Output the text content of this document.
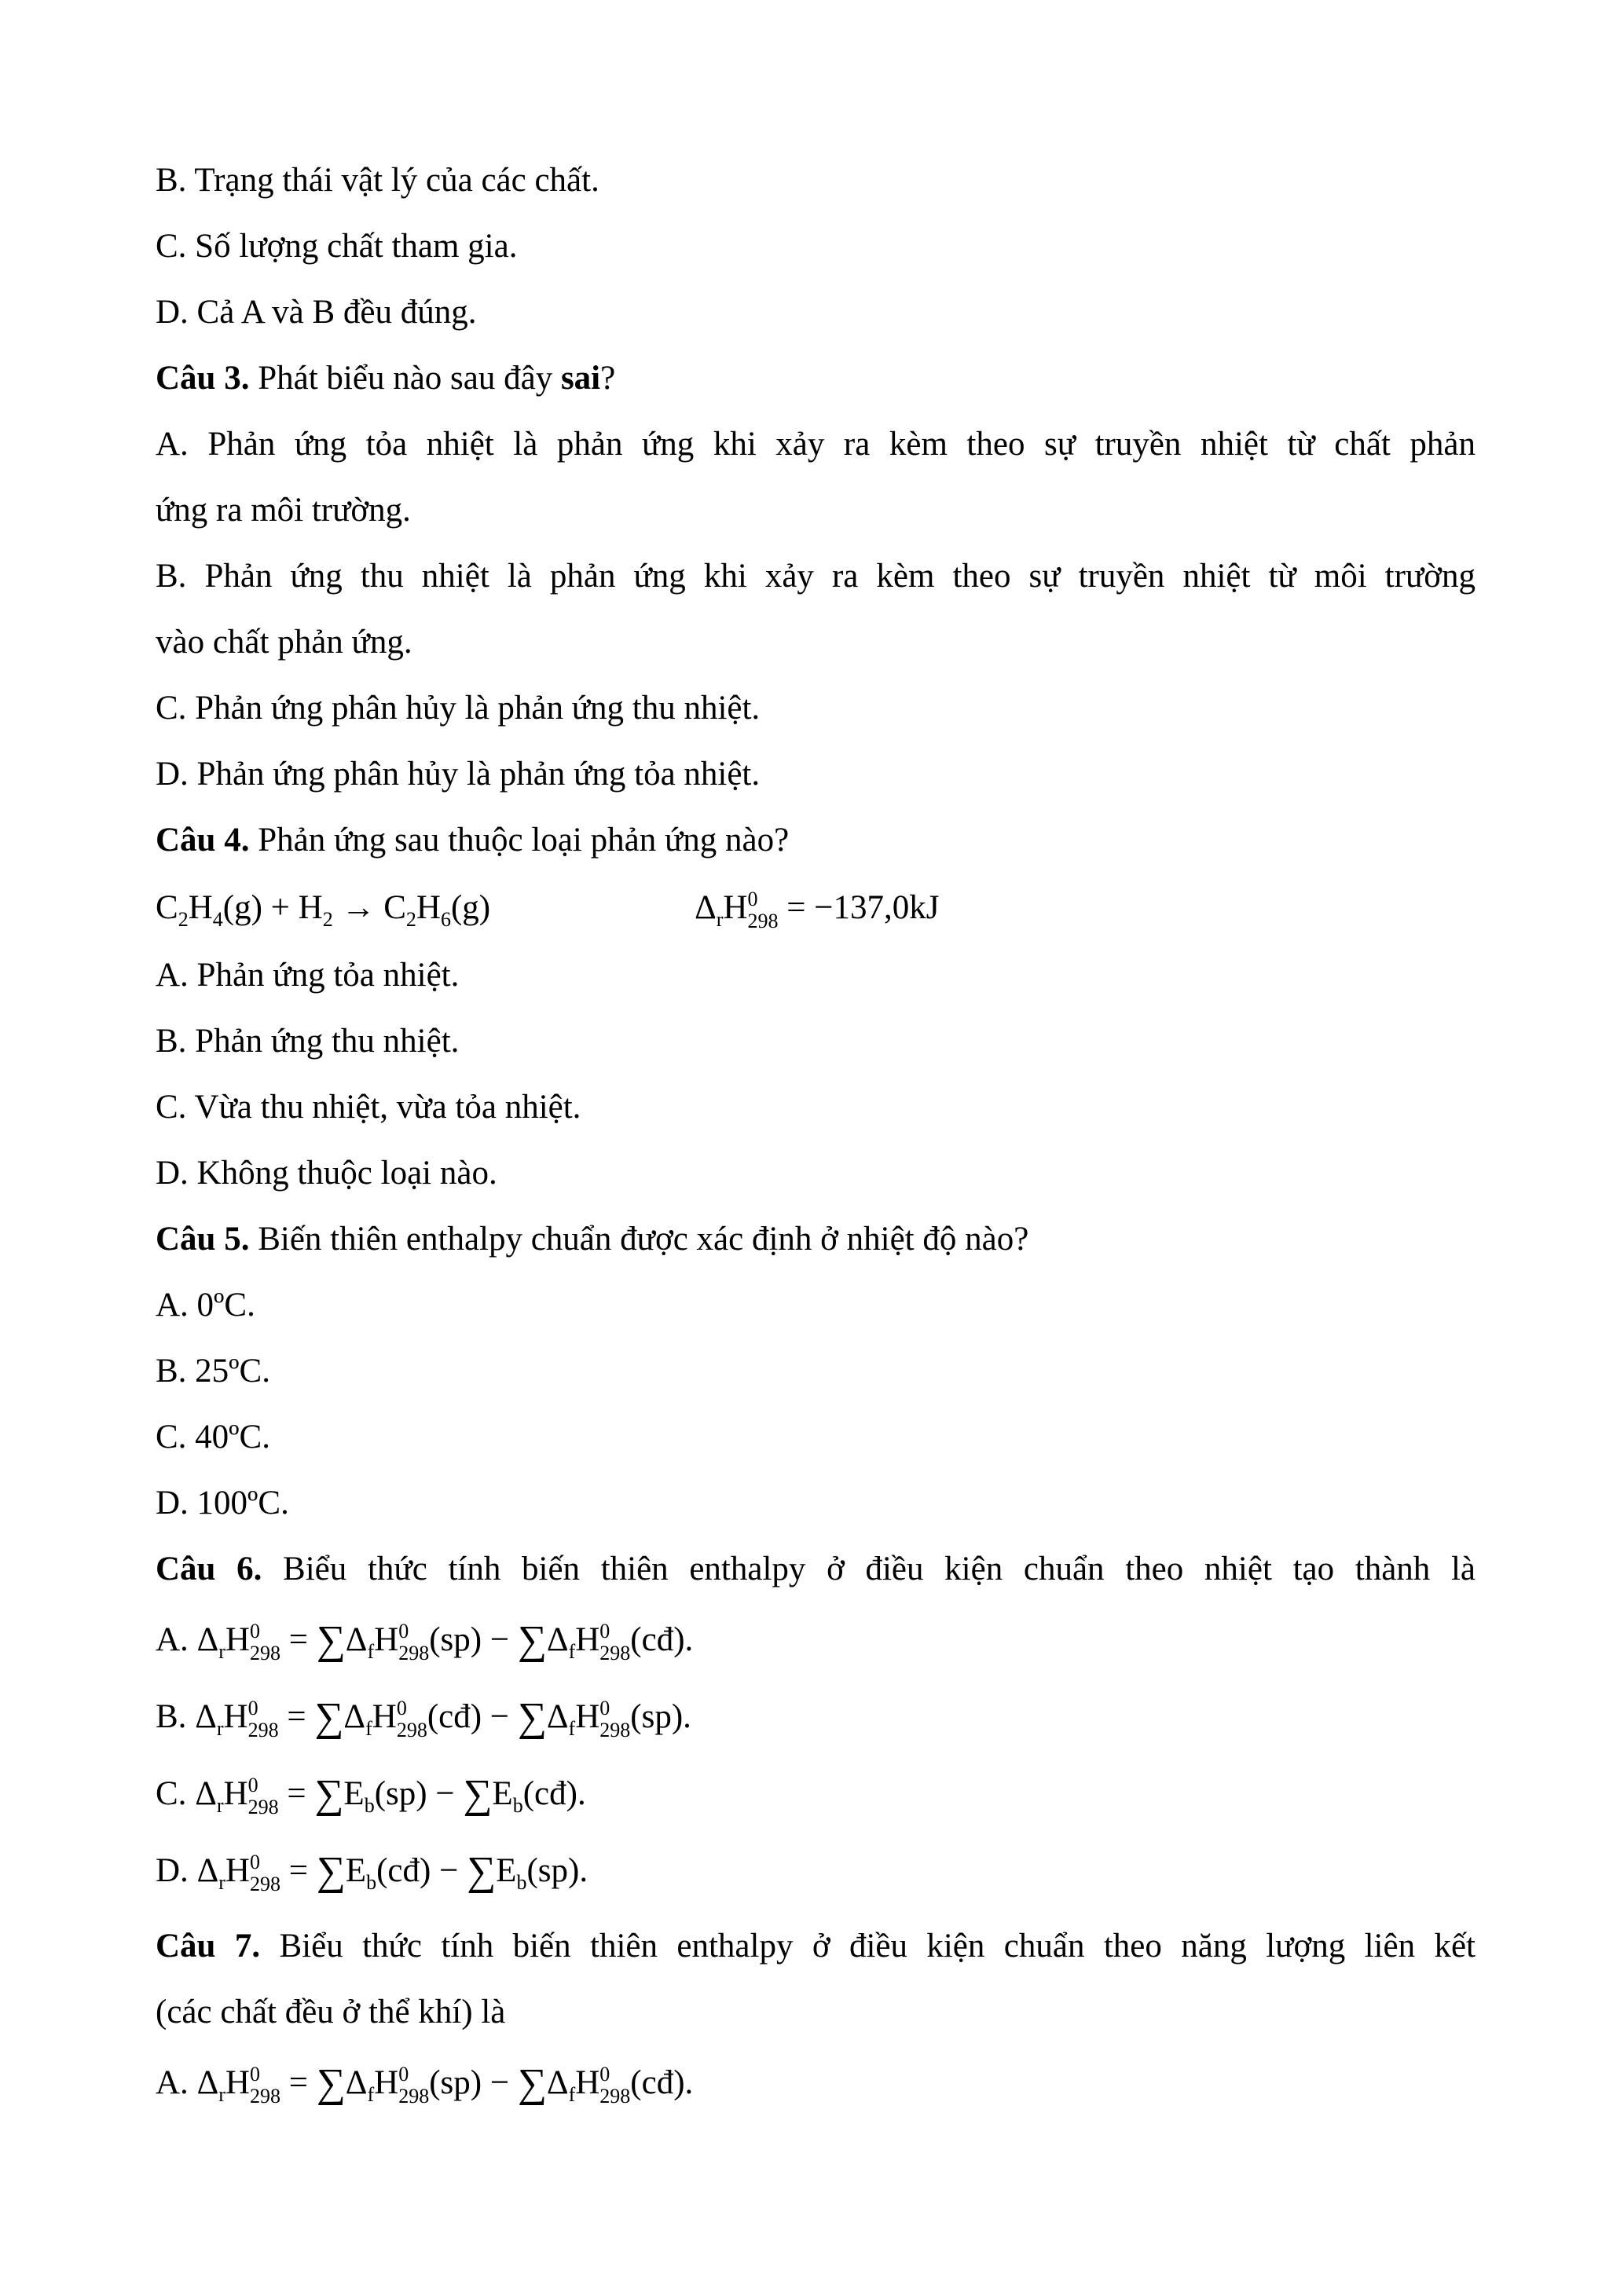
B. Trạng thái vật lý của các chất.
C. Số lượng chất tham gia.
D. Cả A và B đều đúng.
Câu 3. Phát biểu nào sau đây sai?
A. Phản ứng tỏa nhiệt là phản ứng khi xảy ra kèm theo sự truyền nhiệt từ chất phản
ứng ra môi trường.
B. Phản ứng thu nhiệt là phản ứng khi xảy ra kèm theo sự truyền nhiệt từ môi trường
vào chất phản ứng.
C. Phản ứng phân hủy là phản ứng thu nhiệt.
D. Phản ứng phân hủy là phản ứng tỏa nhiệt.
Câu 4. Phản ứng sau thuộc loại phản ứng nào?
$C_2H_4(g) + H_2 \to C_2H_6(g)$	$\Delta_rH$ 0
298 = −137,0kJ
A. Phản ứng tỏa nhiệt.
B. Phản ứng thu nhiệt.
C. Vừa thu nhiệt, vừa tỏa nhiệt.
D. Không thuộc loại nào.
Câu 5. Biến thiên enthalpy chuẩn được xác định ở nhiệt độ nào?
A. 0ºC.
B. 25ºC.
C. 40ºC.
D. 100ºC.
Câu 6. Biểu thức tính biến thiên enthalpy ở điều kiện chuẩn theo nhiệt tạo thành là
A. $\Delta_rH$ 0
$298 = \sum\Delta_fH$ 0
298 $(sp) - \sum\Delta_fH$ 0
298 (cđ).
B. $\Delta_rH$ 0
$298 = \sum\Delta_fH$ 0
298 (cđ) − $\sum\Delta_fH$ 0
298 (sp).
C. $\Delta_rH$ 0
$298 = \sum E_b(sp)$ − $\sum E_b(cđ)$.
D. $\Delta_rH$ 0
$298 = \sum E_b(cđ) - \sum E_b(sp)$.
Câu 7. Biểu thức tính biến thiên enthalpy ở điều kiện chuẩn theo năng lượng liên kết
(các chất đều ở thể khí) là
A. $\Delta_rH$ 0
$298 = \sum\Delta_fH$ 0
298 $(sp) - \sum\Delta_fH$ 0
298 (cđ).
